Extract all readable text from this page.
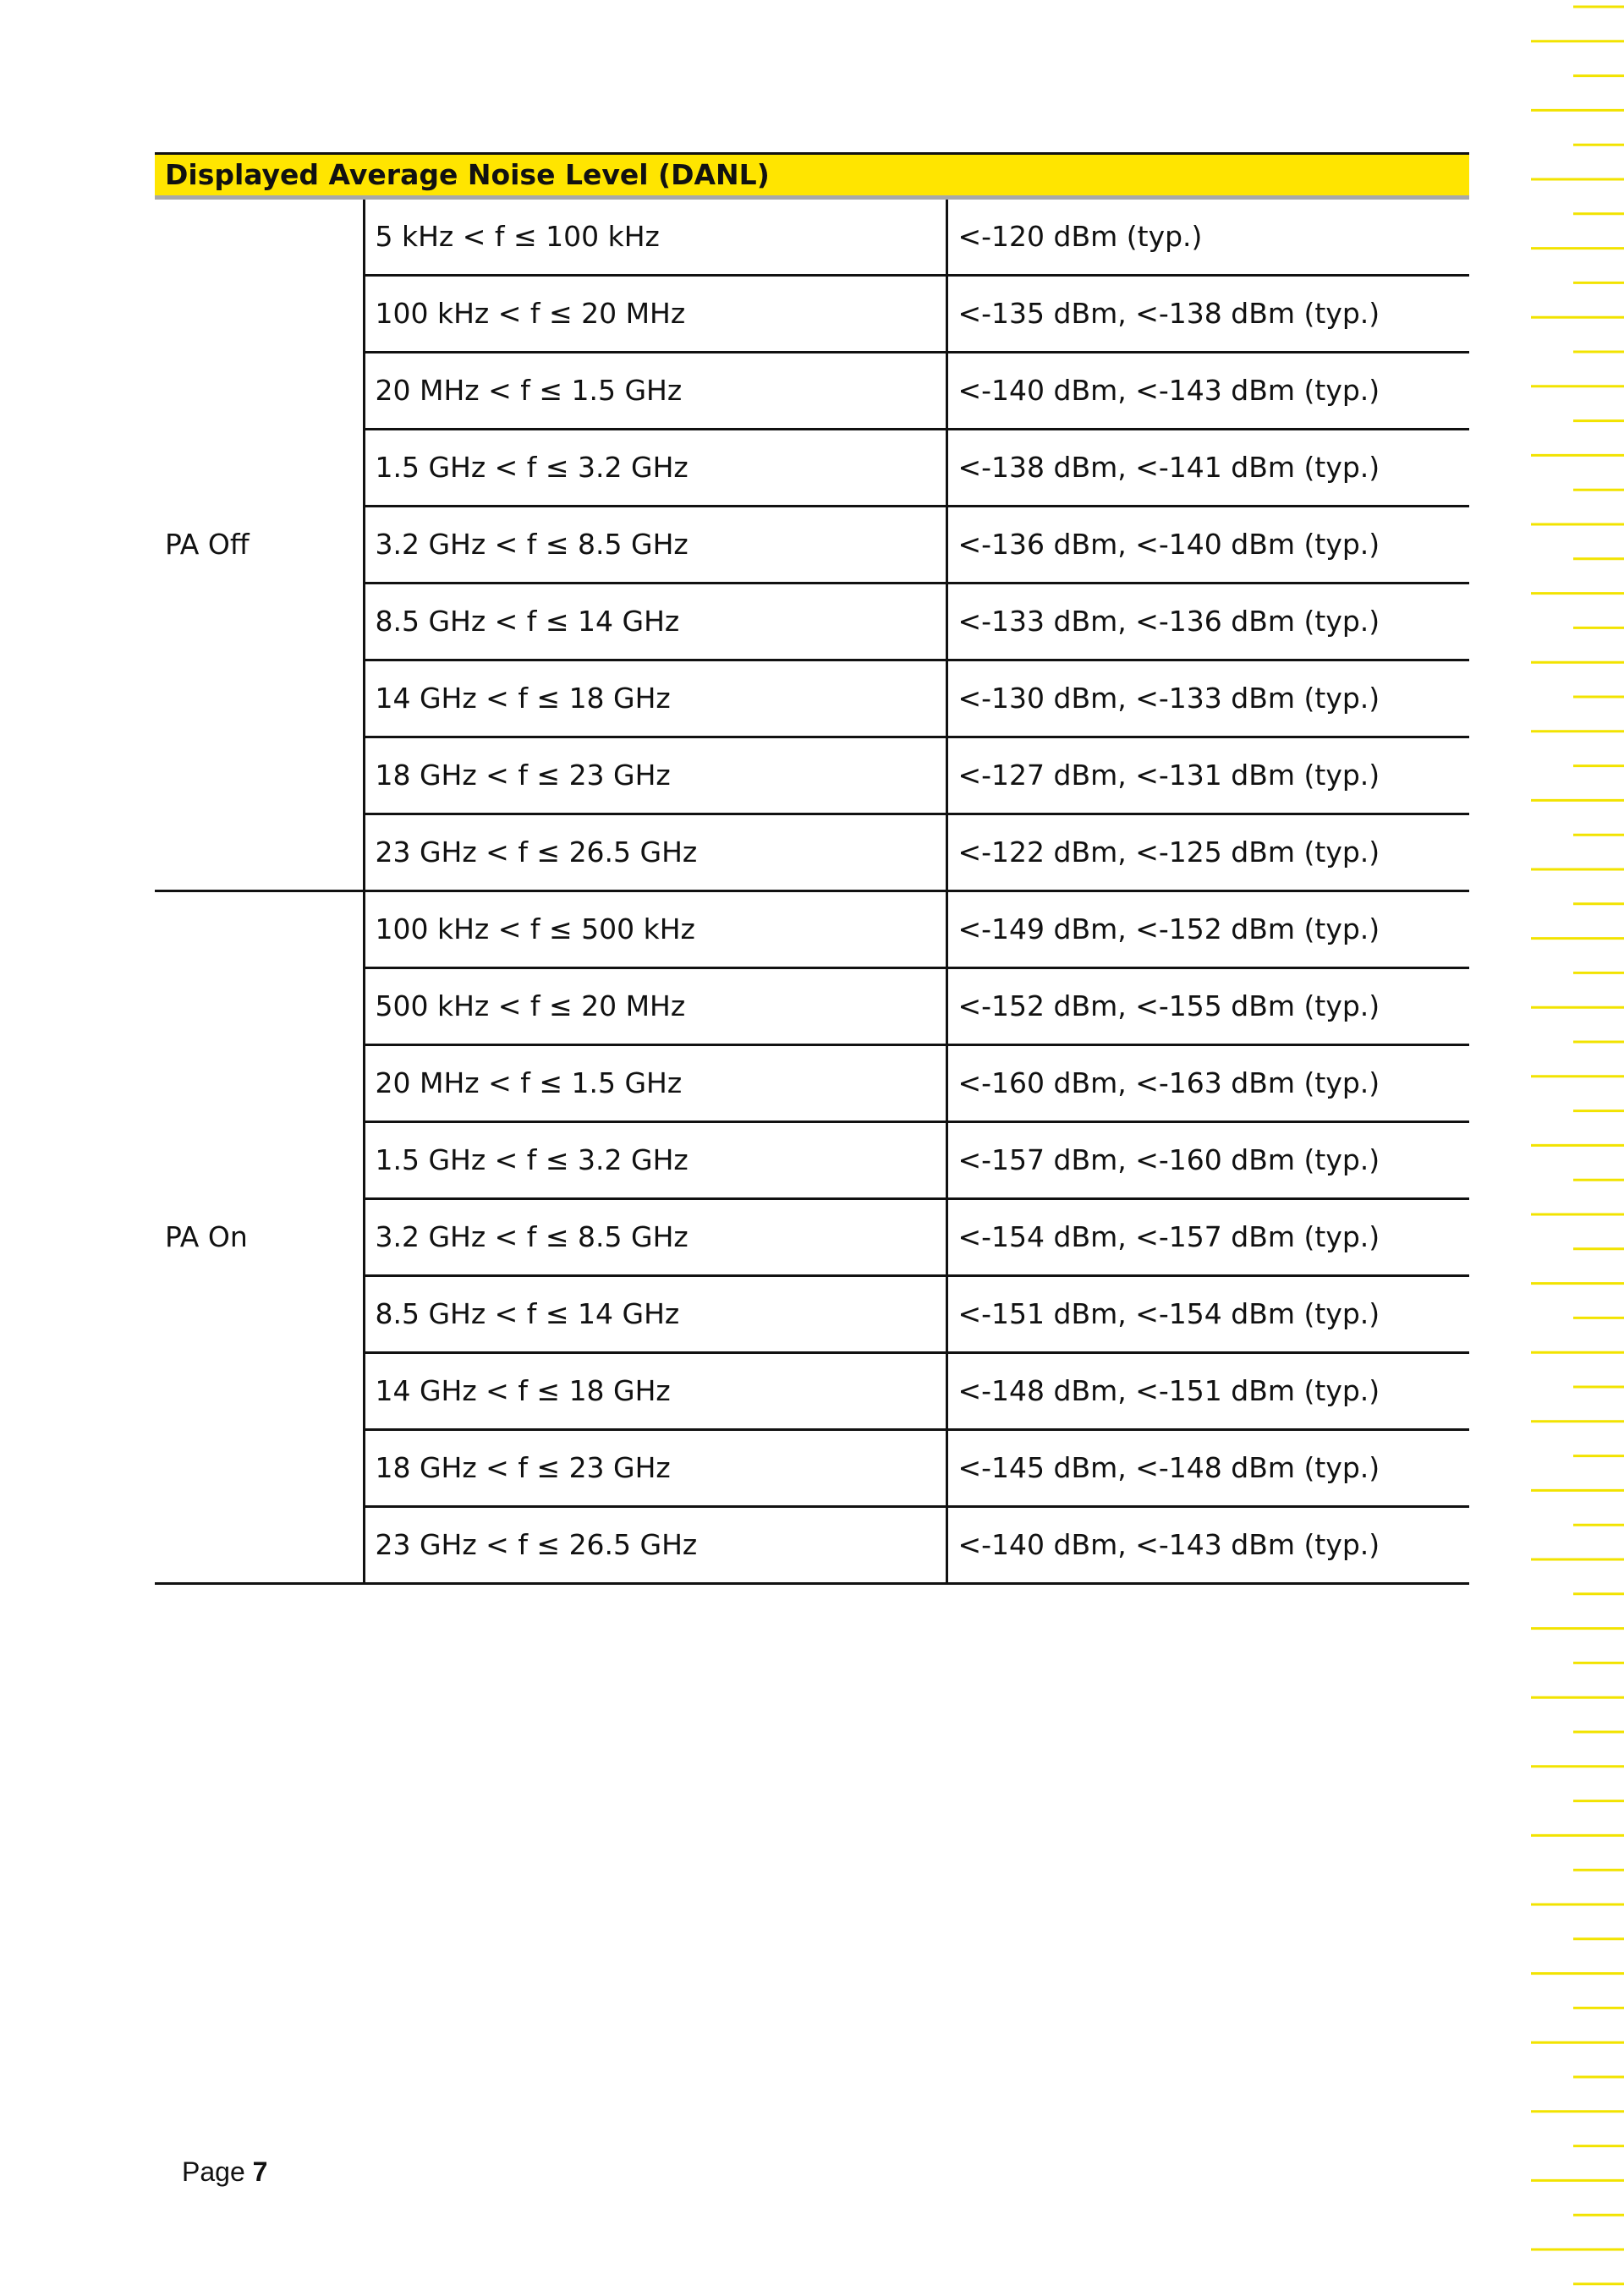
Displayed Average Noise Level (DANL)		
PA Off	5 kHz < f ≤ 100 kHz	<-120 dBm (typ.)
	100 kHz < f ≤ 20 MHz	<-135 dBm, <-138 dBm (typ.)
	20 MHz < f ≤ 1.5 GHz	<-140 dBm, <-143 dBm (typ.)
	1.5 GHz < f ≤ 3.2 GHz	<-138 dBm, <-141 dBm (typ.)
	3.2 GHz < f ≤ 8.5 GHz	<-136 dBm, <-140 dBm (typ.)
	8.5 GHz < f ≤ 14 GHz	<-133 dBm, <-136 dBm (typ.)
	14 GHz < f ≤ 18 GHz	<-130 dBm, <-133 dBm (typ.)
	18 GHz < f ≤ 23 GHz	<-127 dBm, <-131 dBm (typ.)
	23 GHz < f ≤ 26.5 GHz	<-122 dBm, <-125 dBm (typ.)
PA On	100 kHz < f ≤ 500 kHz	<-149 dBm, <-152 dBm (typ.)
	500 kHz < f ≤ 20 MHz	<-152 dBm, <-155 dBm (typ.)
	20 MHz < f ≤ 1.5 GHz	<-160 dBm, <-163 dBm (typ.)
	1.5 GHz < f ≤ 3.2 GHz	<-157 dBm, <-160 dBm (typ.)
	3.2 GHz < f ≤ 8.5 GHz	<-154 dBm, <-157 dBm (typ.)
	8.5 GHz < f ≤ 14 GHz	<-151 dBm, <-154 dBm (typ.)
	14 GHz < f ≤ 18 GHz	<-148 dBm, <-151 dBm (typ.)
	18 GHz < f ≤ 23 GHz	<-145 dBm, <-148 dBm (typ.)
	23 GHz < f ≤ 26.5 GHz	<-140 dBm, <-143 dBm (typ.)
Page 7
